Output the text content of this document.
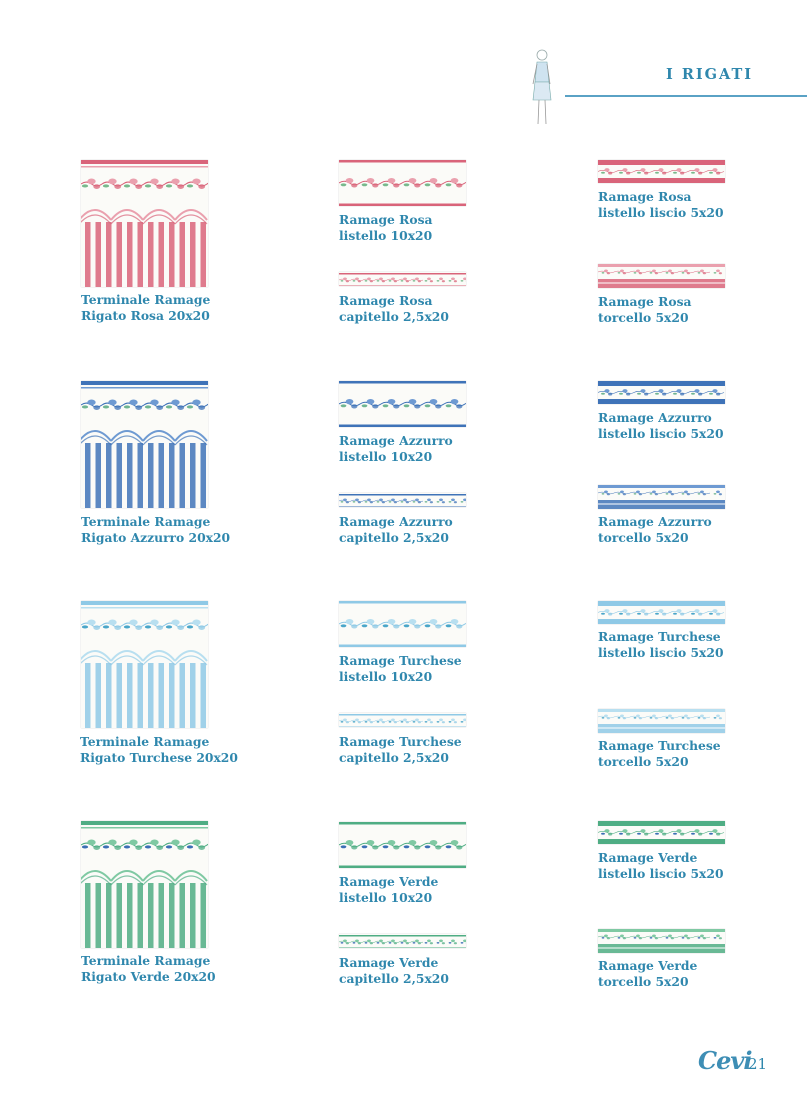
I RIGATI
Terminale Ramage
Rigato Rosa 20x20
Ramage Rosa
listello 10x20
Ramage Rosa
capitello 2,5x20
Ramage Rosa
listello liscio 5x20
Ramage Rosa
torcello 5x20
Terminale Ramage
Rigato Azzurro 20x20
Ramage Azzurro
listello 10x20
Ramage Azzurro
capitello 2,5x20
Ramage Azzurro
listello liscio 5x20
Ramage Azzurro
torcello 5x20
Terminale Ramage
Rigato Turchese 20x20
Ramage Turchese
listello 10x20
Ramage Turchese
capitello 2,5x20
Ramage Turchese
listello liscio 5x20
Ramage Turchese
torcello 5x20
Terminale Ramage
Rigato Verde 20x20
Ramage Verde
listello 10x20
Ramage Verde
capitello 2,5x20
Ramage Verde
listello liscio 5x20
Ramage Verde
torcello 5x20
Cevi
21
